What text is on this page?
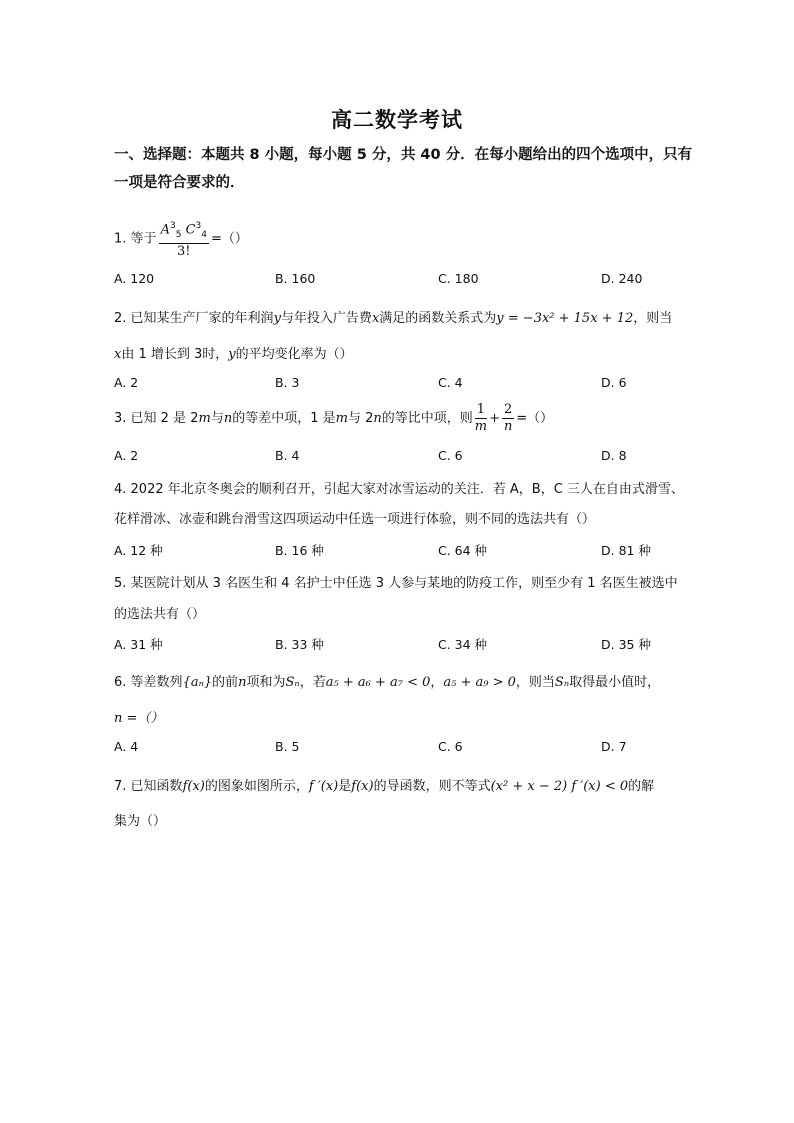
高二数学考试
一、选择题：本题共 8 小题，每小题 5 分，共 40 分．在每小题给出的四个选项中，只有一项是符合要求的．
1. 等于 $\frac{A^3_5 C^3_4}{3!}$ =（）
A. 120	B. 160	C. 180	D. 240
2. 已知某生产厂家的年利润y与年投入广告费x满足的函数关系式为y = −3x² + 15x + 12，则当
x由 1 增长到 3时，y的平均变化率为（）
A. 2	B. 3	C. 4	D. 6
3. 已知 2 是 2m与n的等差中项，1 是m与 2n的等比中项，则 $\frac{1}{m} + \frac{2}{n}$ =（）
A. 2	B. 4	C. 6	D. 8
4. 2022 年北京冬奥会的顺利召开，引起大家对冰雪运动的关注．若 A，B，C 三人在自由式滑雪、
花样滑冰、冰壶和跳台滑雪这四项运动中任选一项进行体验，则不同的选法共有（）
A. 12 种	B. 16 种	C. 64 种	D. 81 种
5. 某医院计划从 3 名医生和 4 名护士中任选 3 人参与某地的防疫工作，则至少有 1 名医生被选中
的选法共有（）
A. 31 种	B. 33 种	C. 34 种	D. 35 种
6. 等差数列{aₙ}的前n项和为Sₙ，若a₅ + a₆ + a₇ < 0，a₅ + a₉ > 0，则当Sₙ取得最小值时，
n =（）
A. 4	B. 5	C. 6	D. 7
7. 已知函数f(x)的图象如图所示，f ′(x)是f(x)的导函数，则不等式(x² + x − 2) f ′(x) < 0的解
集为（）
